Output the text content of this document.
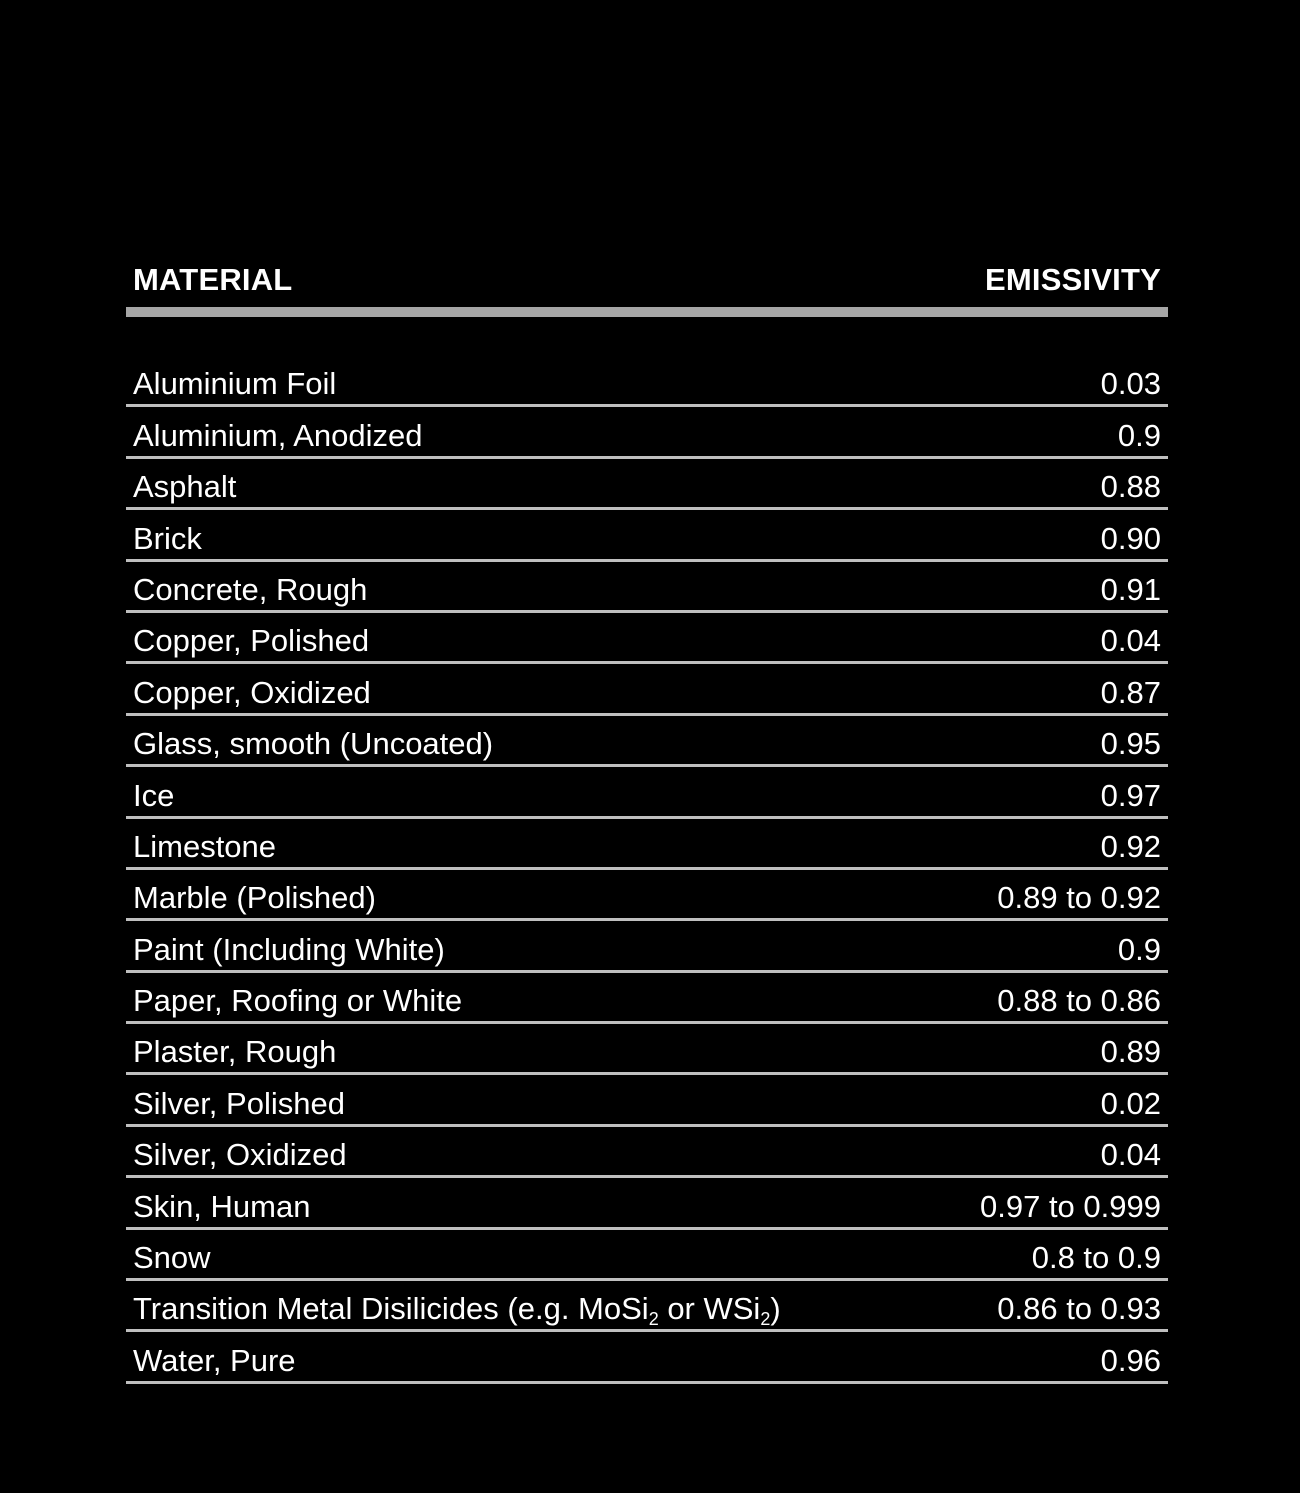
MATERIAL	EMISSIVITY
Aluminium Foil	0.03
Aluminium, Anodized	0.9
Asphalt	0.88
Brick	0.90
Concrete, Rough	0.91
Copper, Polished	0.04
Copper, Oxidized	0.87
Glass, smooth (Uncoated)	0.95
Ice	0.97
Limestone	0.92
Marble (Polished)	0.89 to 0.92
Paint (Including White)	0.9
Paper, Roofing or White	0.88 to 0.86
Plaster, Rough	0.89
Silver, Polished	0.02
Silver, Oxidized	0.04
Skin, Human	0.97 to 0.999
Snow	0.8 to 0.9
Transition Metal Disilicides (e.g. MoSi$_2$ or WSi$_2$)	0.86 to 0.93
Water, Pure	0.96
